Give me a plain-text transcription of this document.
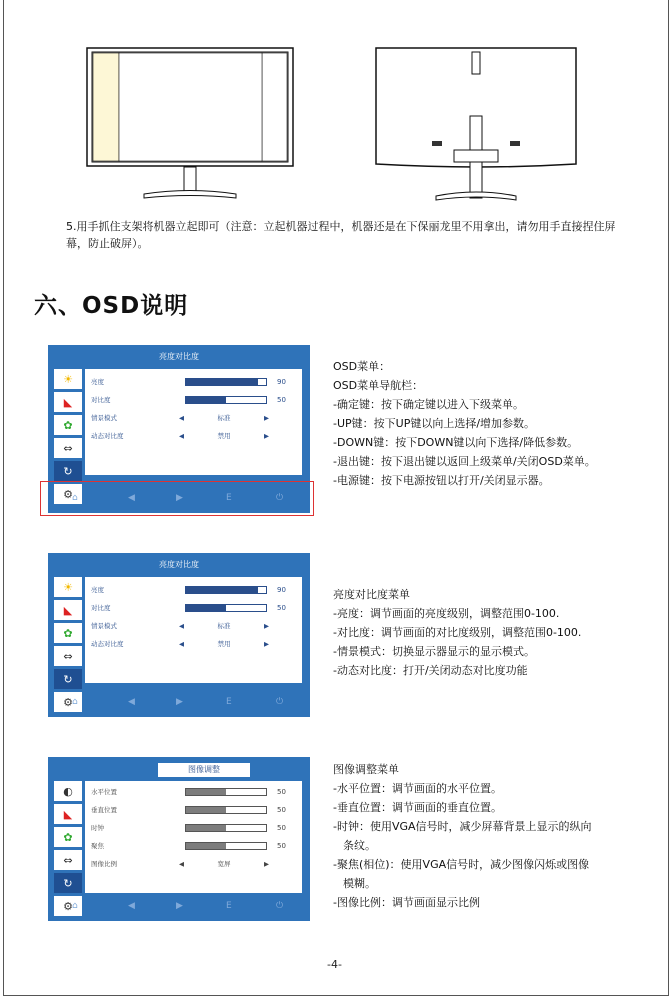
5.用手抓住支架将机器立起即可（注意：立起机器过程中，机器还是在下保丽龙里不用拿出，请勿用手直接捏住屏幕，防止破屏）。
六、OSD说明
亮度对比度
☀
◣
✿
⇔
↻
⚙
亮度	90
对比度	50
情景模式	◀	标准	▶
动态对比度	◀	禁用	▶
⌂	◀	▶	E	⏻
OSD菜单：
OSD菜单导航栏：
-确定键：按下确定键以进入下级菜单。
-UP键：按下UP键以向上选择/增加参数。
-DOWN键：按下DOWN键以向下选择/降低参数。
-退出键：按下退出键以返回上级菜单/关闭OSD菜单。
-电源键：按下电源按钮以打开/关闭显示器。
亮度对比度
☀
◣
✿
⇔
↻
⚙
亮度	90
对比度	50
情景模式	◀	标准	▶
动态对比度	◀	禁用	▶
⌂	◀	▶	E	⏻
亮度对比度菜单
-亮度：调节画面的亮度级别，调整范围0-100.
-对比度：调节画面的对比度级别，调整范围0-100.
-情景模式：切换显示器显示的显示模式。
-动态对比度：打开/关闭动态对比度功能
图像调整
◐
◣
✿
⇔
↻
⚙
水平位置	50
垂直位置	50
时钟	50
聚焦	50
图像比例	◀	宽屏	▶
⌂	◀	▶	E	⏻
图像调整菜单
-水平位置：调节画面的水平位置。
-垂直位置：调节画面的垂直位置。
-时钟：使用VGA信号时，减少屏幕背景上显示的纵向
条纹。
-聚焦(相位)：使用VGA信号时，减少图像闪烁或图像
模糊。
-图像比例：调节画面显示比例
-4-
